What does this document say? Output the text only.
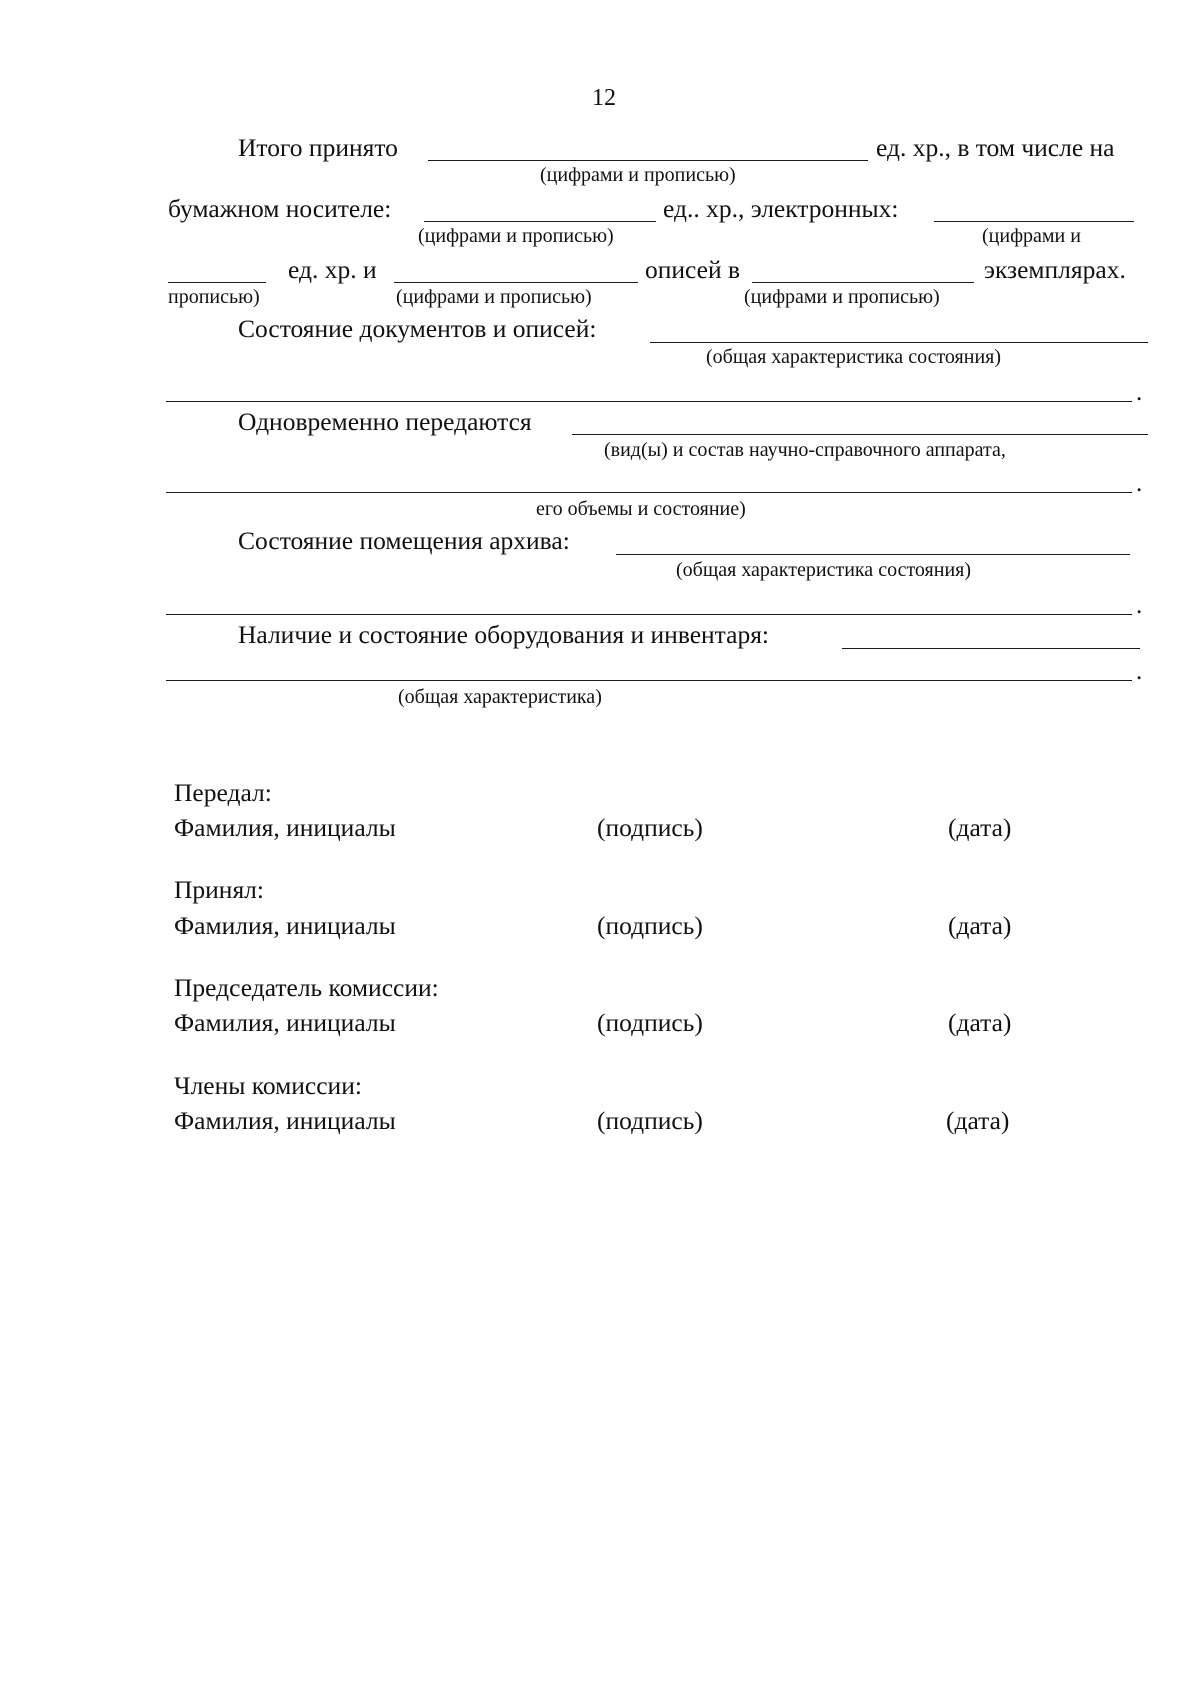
12
Итого принято	ед. хр., в том числе на
(цифрами и прописью)
бумажном носителе:	ед.. хр., электронных:
(цифрами и прописью)	(цифрами и
ед. хр. и	описей в	экземплярах.
прописью)	(цифрами и прописью)	(цифрами и прописью)
Состояние документов и описей:
(общая характеристика состояния)
.
Одновременно передаются
(вид(ы) и состав научно-справочного аппарата,
.
его объемы и состояние)
Состояние помещения архива:
(общая характеристика состояния)
.
Наличие и состояние оборудования и инвентаря:
.
(общая характеристика)
Передал:
Фамилия, инициалы	(подпись)	(дата)
Принял:
Фамилия, инициалы	(подпись)	(дата)
Председатель комиссии:
Фамилия, инициалы	(подпись)	(дата)
Члены комиссии:
Фамилия, инициалы	(подпись)	(дата)
